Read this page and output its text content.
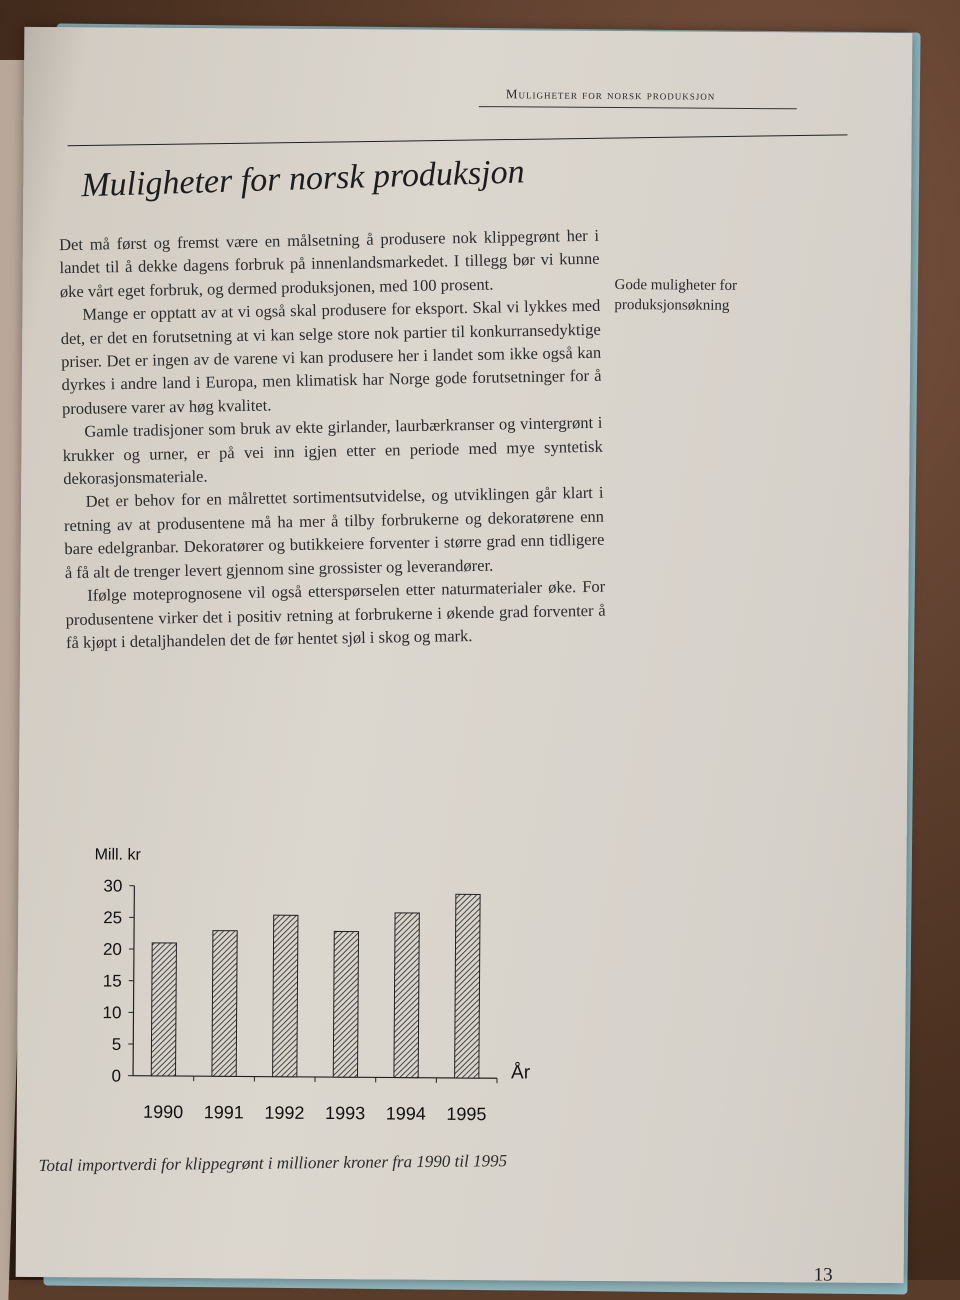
Muligheter for norsk produksjon
Muligheter for norsk produksjon

Det må først og fremst være en målsetning å produsere nok klippegrønt her i landet til å dekke dagens forbruk på innenlandsmarkedet. I tillegg bør vi kunne øke vårt eget forbruk, og dermed produksjonen, med 100 prosent.

Mange er opptatt av at vi også skal produsere for eksport. Skal vi lykkes med det, er det en forutsetning at vi kan selge store nok partier til konkurransedyktige priser. Det er ingen av de varene vi kan produsere her i landet som ikke også kan dyrkes i andre land i Europa, men klimatisk har Norge gode forutsetninger for å produsere varer av høg kvalitet.

Gamle tradisjoner som bruk av ekte girlander, laurbærkranser og vintergrønt i krukker og urner, er på vei inn igjen etter en periode med mye syntetisk dekorasjonsmateriale.

Det er behov for en målrettet sortimentsutvidelse, og utviklingen går klart i retning av at produsentene må ha mer å tilby forbrukerne og dekoratørene enn bare edelgranbar. Dekoratører og butikkeiere forventer i større grad enn tidligere å få alt de trenger levert gjennom sine grossister og leverandører.

Ifølge moteprognosene vil også etterspørselen etter naturmaterialer øke. For produsentene virker det i positiv retning at forbrukerne i økende grad forventer å få kjøpt i detaljhandelen det de før hentet sjøl i skog og mark.

Gode muligheter for produksjonsøkning
Mill. kr
År
0
5
10
15
20
25
30
1990 1991 1992 1993 1994 1995
Total importverdi for klippegrønt i millioner kroner fra 1990 til 1995
13
